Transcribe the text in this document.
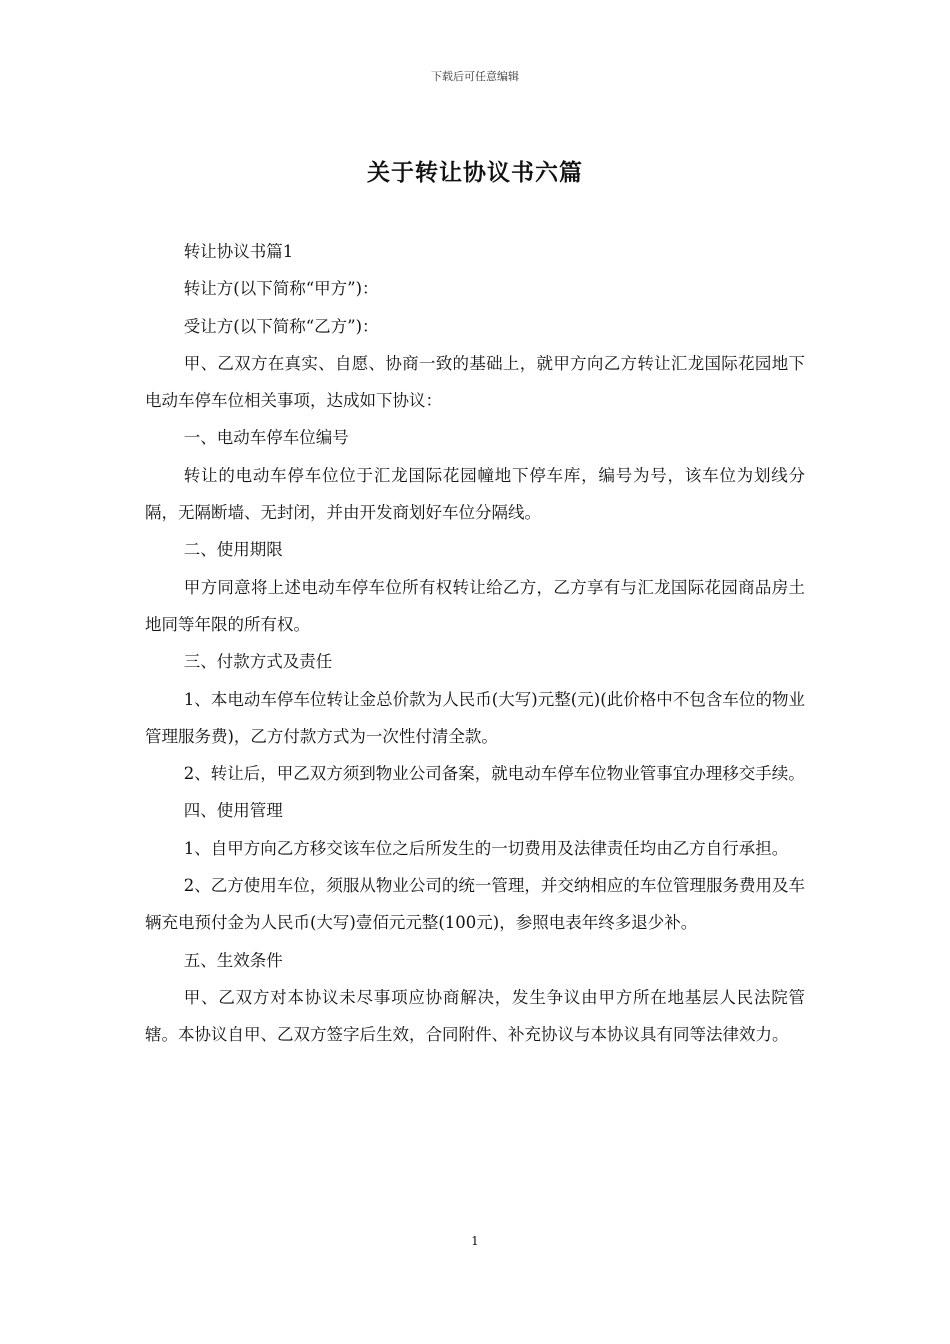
下载后可任意编辑
关于转让协议书六篇

转让协议书篇1

转让方(以下简称“甲方”)：

受让方(以下简称“乙方”)：

甲、乙双方在真实、自愿、协商一致的基础上，就甲方向乙方转让汇龙国际花园地下电动车停车位相关事项，达成如下协议：

一、电动车停车位编号

转让的电动车停车位位于汇龙国际花园幢地下停车库，编号为号，该车位为划线分隔，无隔断墙、无封闭，并由开发商划好车位分隔线。

二、使用期限

甲方同意将上述电动车停车位所有权转让给乙方，乙方享有与汇龙国际花园商品房土地同等年限的所有权。

三、付款方式及责任

1、本电动车停车位转让金总价款为人民币(大写)元整(元)(此价格中不包含车位的物业管理服务费)，乙方付款方式为一次性付清全款。

2、转让后，甲乙双方须到物业公司备案，就电动车停车位物业管事宜办理移交手续。

四、使用管理

1、自甲方向乙方移交该车位之后所发生的一切费用及法律责任均由乙方自行承担。

2、乙方使用车位，须服从物业公司的统一管理，并交纳相应的车位管理服务费用及车辆充电预付金为人民币(大写)壹佰元元整(100元)，参照电表年终多退少补。

五、生效条件

甲、乙双方对本协议未尽事项应协商解决，发生争议由甲方所在地基层人民法院管辖。本协议自甲、乙双方签字后生效，合同附件、补充协议与本协议具有同等法律效力。

1
